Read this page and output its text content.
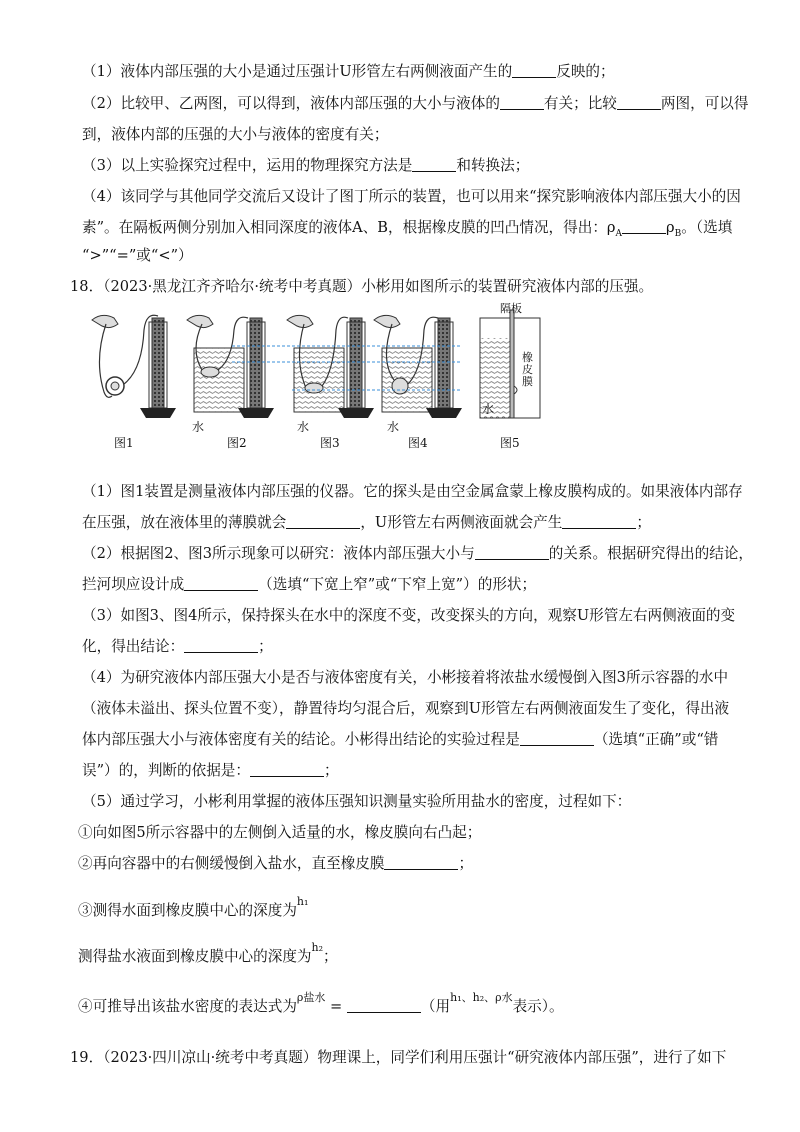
（1）液体内部压强的大小是通过压强计U形管左右两侧液面产生的	反映的；
（2）比较甲、乙两图，可以得到，液体内部压强的大小与液体的	有关；比较	两图，可以得
到，液体内部的压强的大小与液体的密度有关；
（3）以上实验探究过程中，运用的物理探究方法是	和转换法；
（4）该同学与其他同学交流后又设计了图丁所示的装置，也可以用来“探究影响液体内部压强大小的因
素”。在隔板两侧分别加入相同深度的液体A、B，根据橡皮膜的凹凸情况，得出：$\rho_A$	$\rho_B$。（选填
“>”“=”或“<”）
18．（2023·黑龙江齐齐哈尔·统考中考真题）小彬用如图所示的装置研究液体内部的压强。
水	水	水
水
隔板
橡皮膜
图1	图2	图3	图4	图5
（1）图1装置是测量液体内部压强的仪器。它的探头是由空金属盒蒙上橡皮膜构成的。如果液体内部存
在压强，放在液体里的薄膜就会	，U形管左右两侧液面就会产生	；
（2）根据图2、图3所示现象可以研究：液体内部压强大小与	的关系。根据研究得出的结论，
拦河坝应设计成	（选填“下宽上窄”或“下窄上宽”）的形状；
（3）如图3、图4所示，保持探头在水中的深度不变，改变探头的方向，观察U形管左右两侧液面的变
化，得出结论：	；
（4）为研究液体内部压强大小是否与液体密度有关，小彬接着将浓盐水缓慢倒入图3所示容器的水中
（液体未溢出、探头位置不变），静置待均匀混合后，观察到U形管左右两侧液面发生了变化，得出液
体内部压强大小与液体密度有关的结论。小彬得出结论的实验过程是	（选填“正确”或“错
误”）的，判断的依据是：	；
（5）通过学习，小彬利用掌握的液体压强知识测量实验所用盐水的密度，过程如下：
①向如图5所示容器中的左侧倒入适量的水，橡皮膜向右凸起；
②再向容器中的右侧缓慢倒入盐水，直至橡皮膜	；
③测得水面到橡皮膜中心的深度为$^{h_1}$
测得盐水液面到橡皮膜中心的深度为$^{h_2}$；
④可推导出该盐水密度的表达式为$^{\rho 盐水}$ =	（用$^{h_1、h_2、\rho 水}$表示）。
19．（2023·四川凉山·统考中考真题）物理课上，同学们利用压强计“研究液体内部压强”，进行了如下
